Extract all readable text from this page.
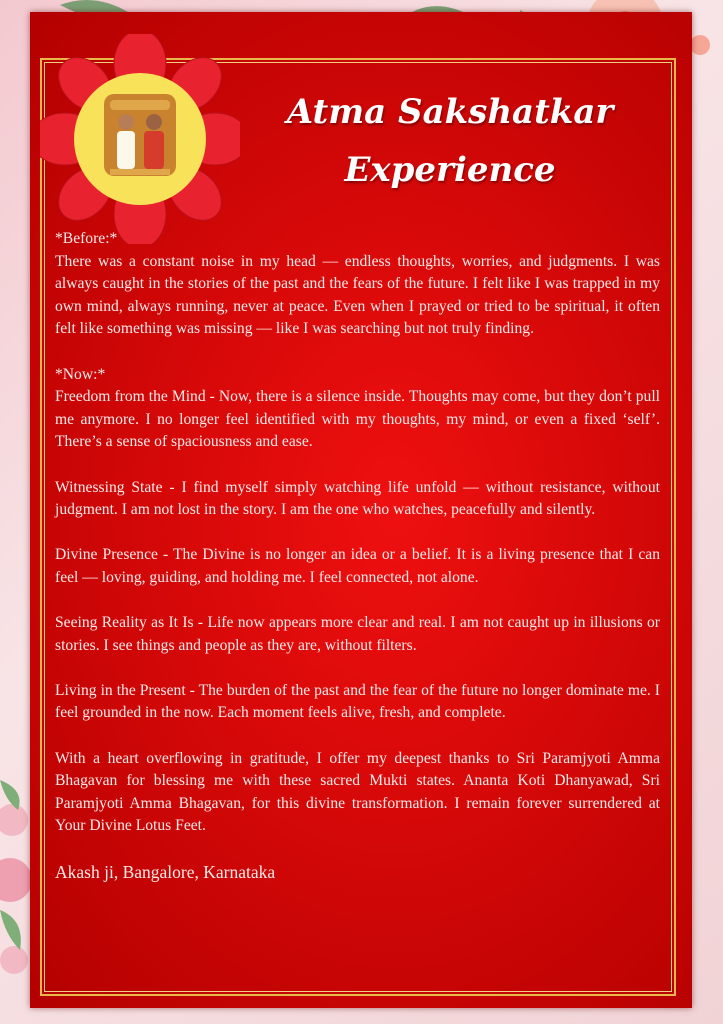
Atma Sakshatkar
Experience

*Before:*

There was a constant noise in my head — endless thoughts, worries, and judgments. I was always caught in the stories of the past and the fears of the future. I felt like I was trapped in my own mind, always running, never at peace. Even when I prayed or tried to be spiritual, it often felt like something was missing — like I was searching but not truly finding.

*Now:*

Freedom from the Mind - Now, there is a silence inside. Thoughts may come, but they don’t pull me anymore. I no longer feel identified with my thoughts, my mind, or even a fixed ‘self’. There’s a sense of spaciousness and ease.

Witnessing State - I find myself simply watching life unfold — without resistance, without judgment. I am not lost in the story. I am the one who watches, peacefully and silently.

Divine Presence - The Divine is no longer an idea or a belief. It is a living presence that I can feel — loving, guiding, and holding me. I feel connected, not alone.

Seeing Reality as It Is - Life now appears more clear and real. I am not caught up in illusions or stories. I see things and people as they are, without filters.

Living in the Present - The burden of the past and the fear of the future no longer dominate me. I feel grounded in the now. Each moment feels alive, fresh, and complete.

With a heart overflowing in gratitude, I offer my deepest thanks to Sri Paramjyoti Amma Bhagavan for blessing me with these sacred Mukti states. Ananta Koti Dhanyawad, Sri Paramjyoti Amma Bhagavan, for this divine transformation. I remain forever surrendered at Your Divine Lotus Feet.

Akash ji, Bangalore, Karnataka
